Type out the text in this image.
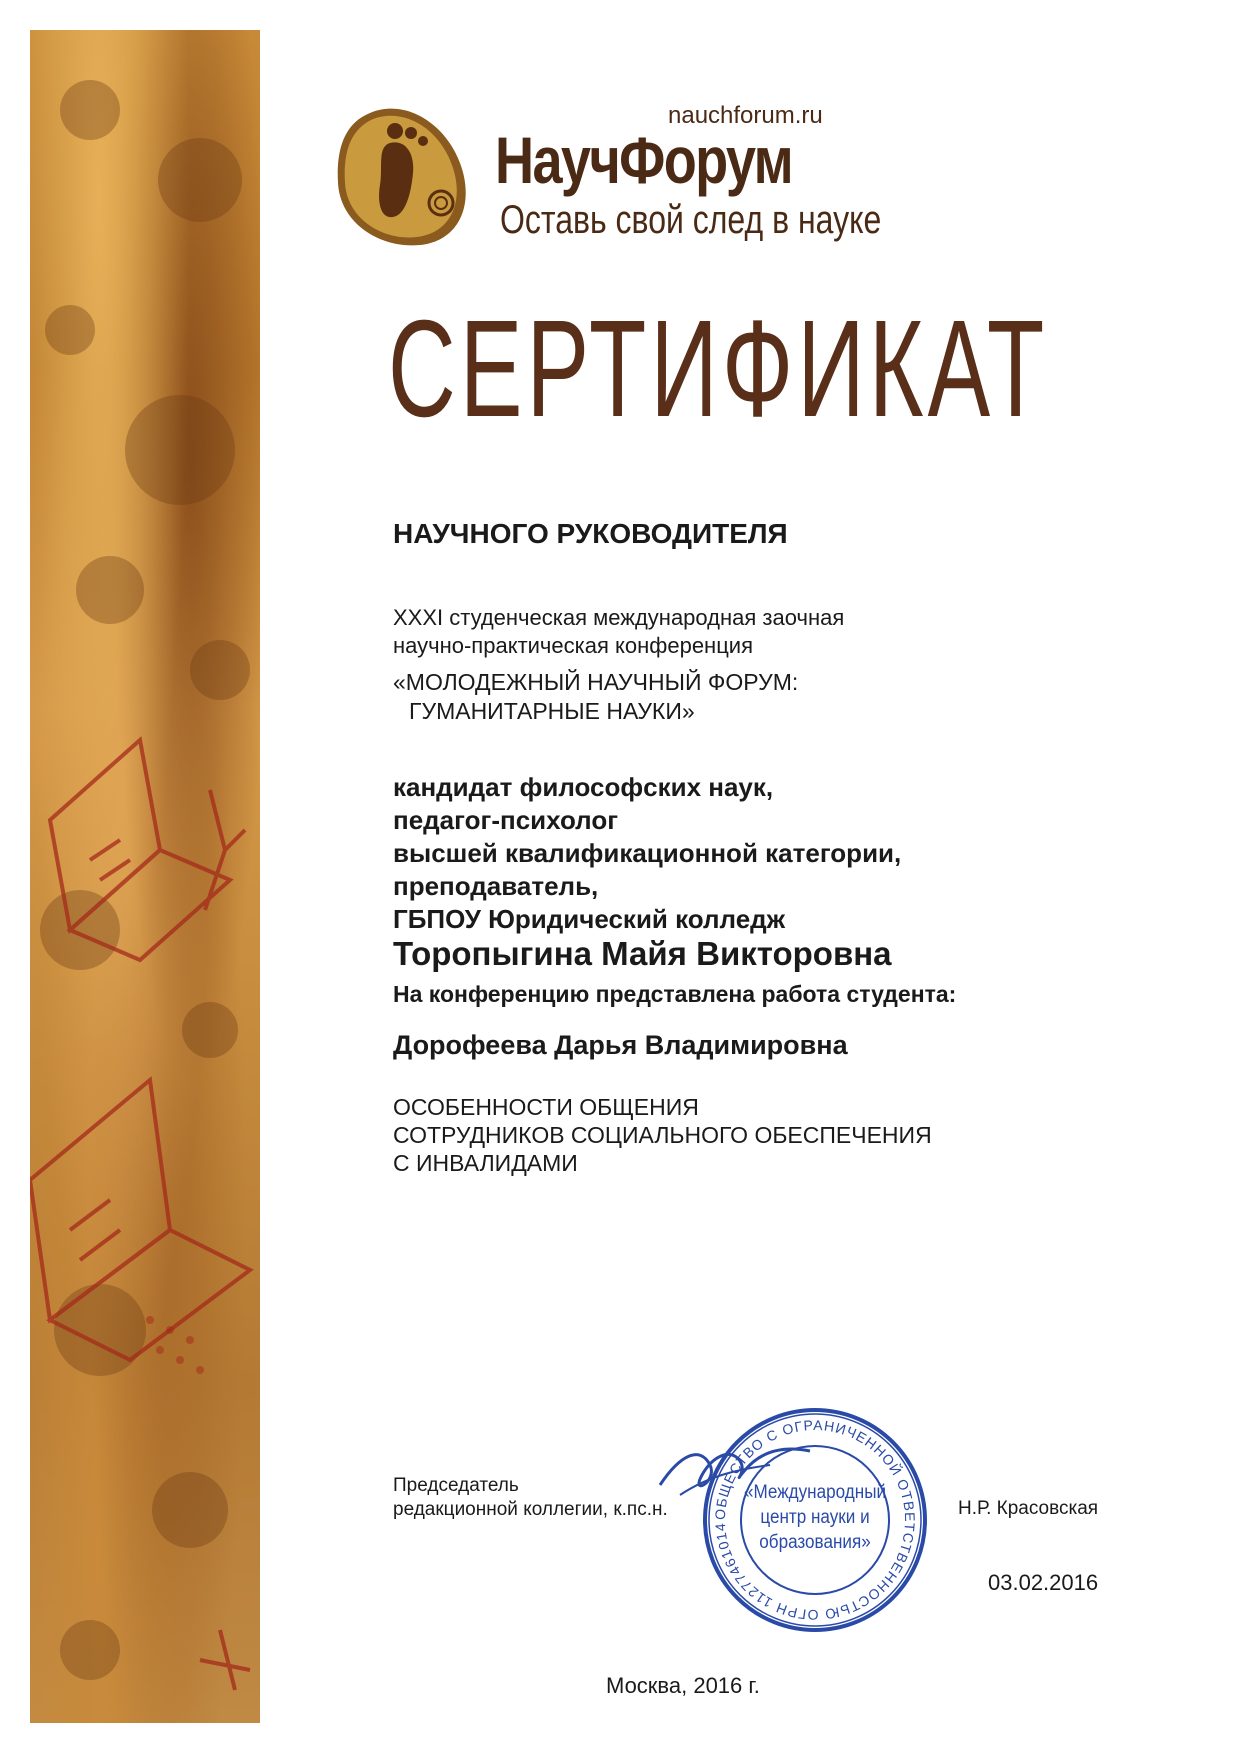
nauchforum.ru
НаучФорум
Оставь свой след в науке
СЕРТИФИКАТ
НАУЧНОГО РУКОВОДИТЕЛЯ
XXXI студенческая международная заочная
научно-практическая конференция
«МОЛОДЕЖНЫЙ НАУЧНЫЙ ФОРУМ:
ГУМАНИТАРНЫЕ НАУКИ»
кандидат философских наук,
педагог-психолог
высшей квалификационной категории,
преподаватель,
ГБПОУ Юридический колледж
Торопыгина Майя Викторовна
На конференцию представлена работа студента:
Дорофеева Дарья Владимировна
ОСОБЕННОСТИ ОБЩЕНИЯ
СОТРУДНИКОВ СОЦИАЛЬНОГО ОБЕСПЕЧЕНИЯ
С ИНВАЛИДАМИ
Председатель
редакционной коллегии, к.пс.н.	Н.Р. Красовская
ОБЩЕСТВО С ОГРАНИЧЕННОЙ ОТВЕТСТВЕННОСТЬЮ ОГРН 11277461014
«Международный
центр науки и
образования»
03.02.2016
Москва, 2016 г.
